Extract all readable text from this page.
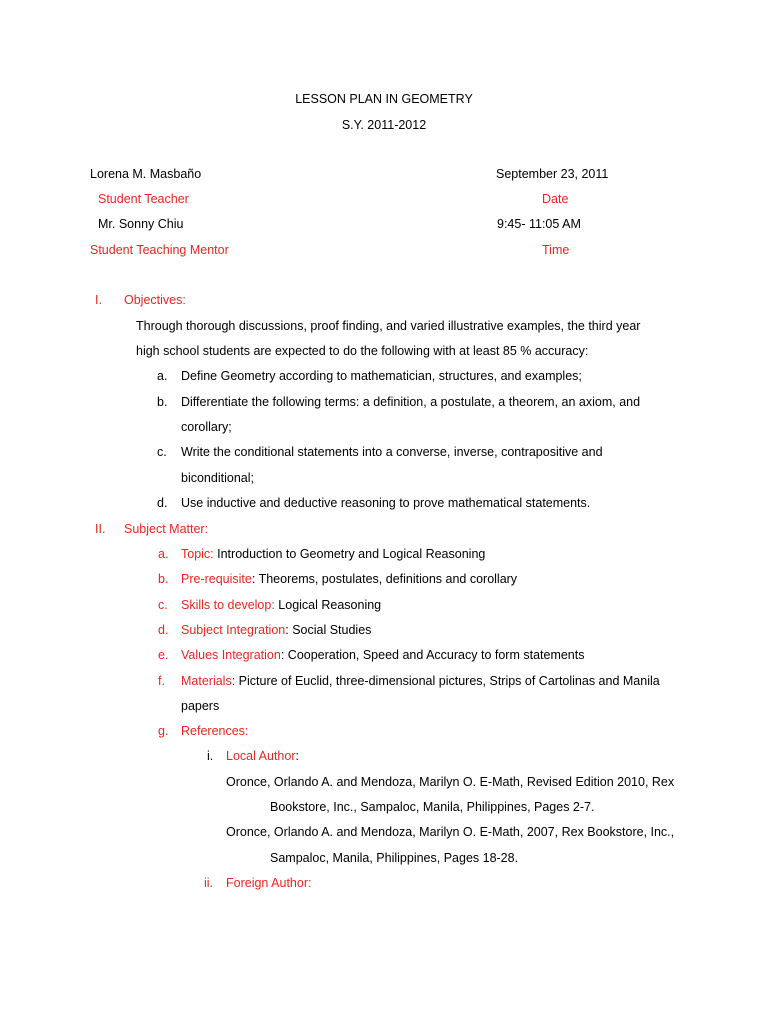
LESSON PLAN IN GEOMETRY
S.Y. 2011-2012
Lorena M. Masbaño
Student Teacher
Mr. Sonny Chiu
Student Teaching Mentor
September 23, 2011
Date
9:45- 11:05 AM
Time
I. Objectives:
Through thorough discussions, proof finding, and varied illustrative examples, the third year
high school students are expected to do the following with at least 85 % accuracy:
a. Define Geometry according to mathematician, structures, and examples;
b. Differentiate the following terms: a definition, a postulate, a theorem, an axiom, and
corollary;
c. Write the conditional statements into a converse, inverse, contrapositive and
biconditional;
d. Use inductive and deductive reasoning to prove mathematical statements.
II. Subject Matter:
a. Topic: Introduction to Geometry and Logical Reasoning
b. Pre-requisite: Theorems, postulates, definitions and corollary
c. Skills to develop: Logical Reasoning
d. Subject Integration: Social Studies
e. Values Integration: Cooperation, Speed and Accuracy to form statements
f. Materials: Picture of Euclid, three-dimensional pictures, Strips of Cartolinas and Manila
papers
g. References:
i. Local Author:
Oronce, Orlando A. and Mendoza, Marilyn O. E-Math, Revised Edition 2010, Rex
Bookstore, Inc., Sampaloc, Manila, Philippines, Pages 2-7.
Oronce, Orlando A. and Mendoza, Marilyn O. E-Math, 2007, Rex Bookstore, Inc.,
Sampaloc, Manila, Philippines, Pages 18-28.
ii. Foreign Author:
